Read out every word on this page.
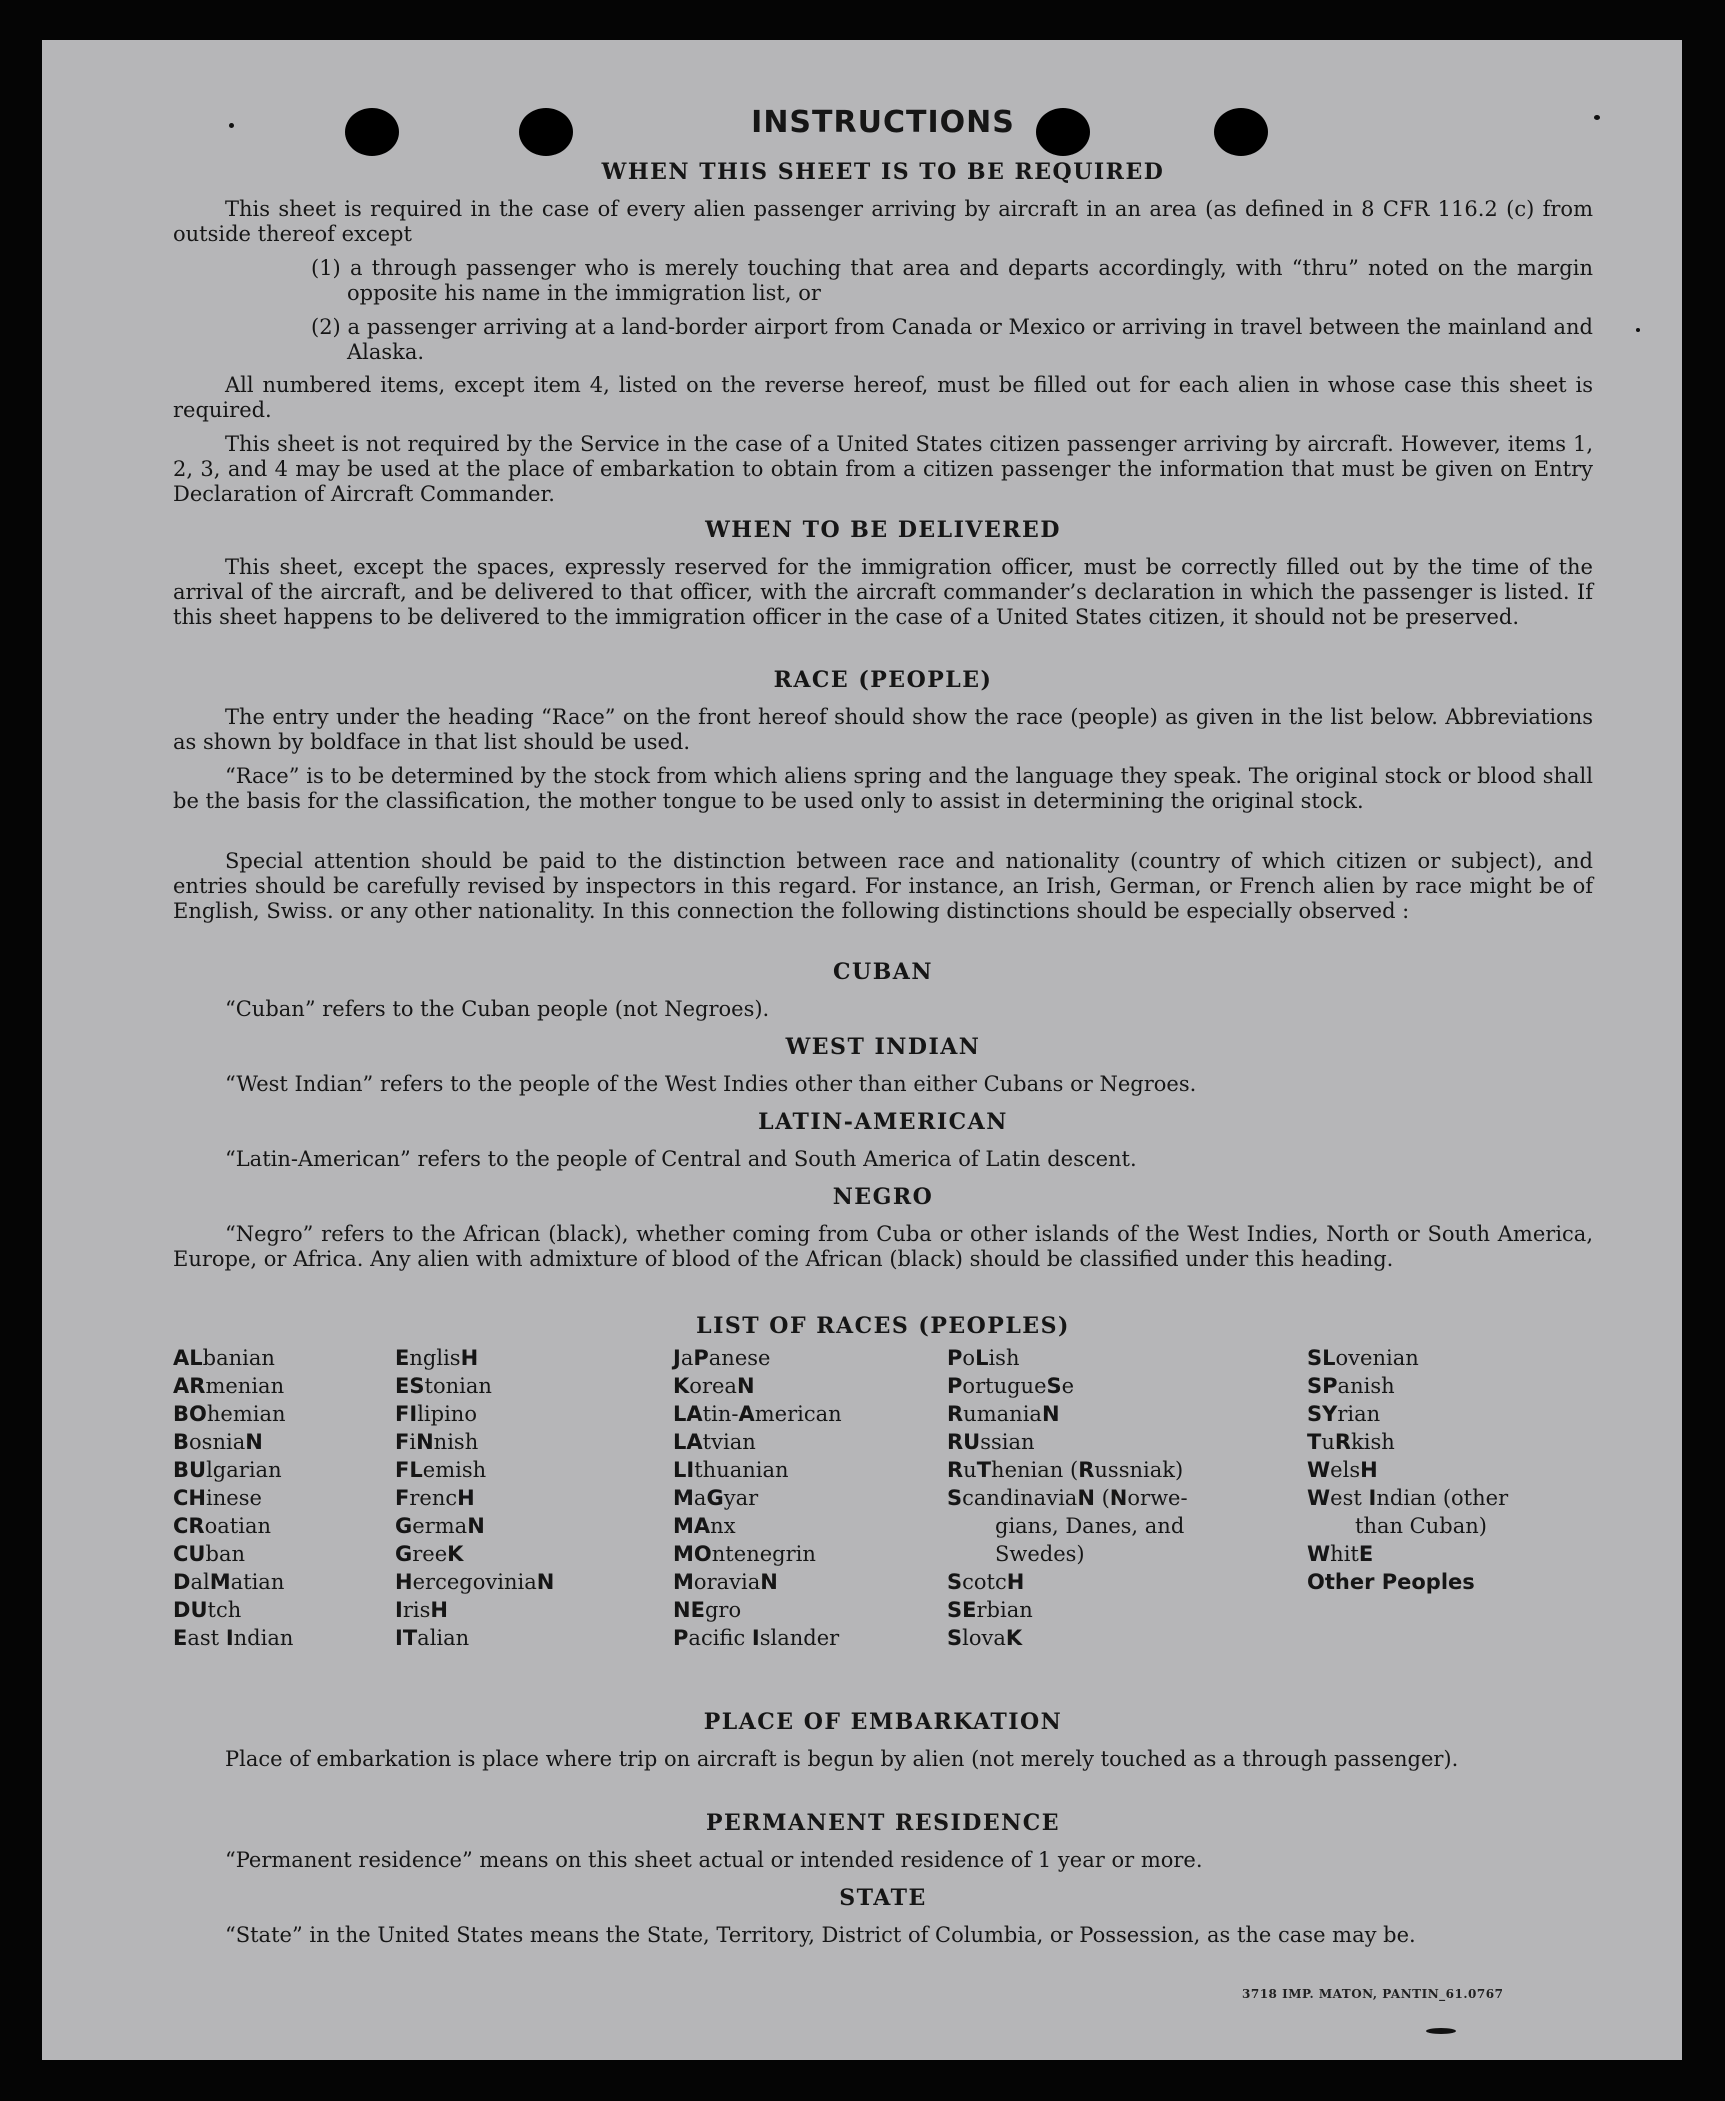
INSTRUCTIONS
WHEN THIS SHEET IS TO BE REQUIRED
This sheet is required in the case of every alien passenger arriving by aircraft in an area (as defined in 8 CFR 116.2 (c) from outside thereof except
(1) a through passenger who is merely touching that area and departs accordingly, with “thru” noted on the margin opposite his name in the immigration list, or
(2) a passenger arriving at a land-border airport from Canada or Mexico or arriving in travel between the mainland and Alaska.
All numbered items, except item 4, listed on the reverse hereof, must be filled out for each alien in whose case this sheet is required.
This sheet is not required by the Service in the case of a United States citizen passenger arriving by aircraft. However, items 1, 2, 3, and 4 may be used at the place of embarkation to obtain from a citizen passenger the information that must be given on Entry Declaration of Aircraft Commander.
WHEN TO BE DELIVERED
This sheet, except the spaces, expressly reserved for the immigration officer, must be correctly filled out by the time of the arrival of the aircraft, and be delivered to that officer, with the aircraft commander’s declaration in which the passenger is listed. If this sheet happens to be delivered to the immigration officer in the case of a United States citizen, it should not be preserved.
RACE (PEOPLE)
The entry under the heading “Race” on the front hereof should show the race (people) as given in the list below. Abbreviations as shown by boldface in that list should be used.
“Race” is to be determined by the stock from which aliens spring and the language they speak. The original stock or blood shall be the basis for the classification, the mother tongue to be used only to assist in determining the original stock.
Special attention should be paid to the distinction between race and nationality (country of which citizen or subject), and entries should be carefully revised by inspectors in this regard. For instance, an Irish, German, or French alien by race might be of English, Swiss. or any other nationality. In this connection the following distinctions should be especially observed :
CUBAN
“Cuban” refers to the Cuban people (not Negroes).
WEST INDIAN
“West Indian” refers to the people of the West Indies other than either Cubans or Negroes.
LATIN-AMERICAN
“Latin-American” refers to the people of Central and South America of Latin descent.
NEGRO
“Negro” refers to the African (black), whether coming from Cuba or other islands of the West Indies, North or South America, Europe, or Africa. Any alien with admixture of blood of the African (black) should be classified under this heading.
LIST OF RACES (PEOPLES)
ALbanian
ARmenian
BOhemian
BosniaN
BUlgarian
CHinese
CRoatian
CUban
DalMatian
DUtch
East Indian
EnglisH
EStonian
FIlipino
FiNnish
FLemish
FrencH
GermaN
GreeK
HercegoviniaN
IrisH
ITalian
JaPanese
KoreaN
LAtin-American
LAtvian
LIthuanian
MaGyar
MAnx
MOntenegrin
MoraviaN
NEgro
Pacifc Islander
PoLish
PortugueSe
RumaniaN
RUssian
RuThenian (Russniak)
ScandinaviaN (Norwe-
gians, Danes, and
Swedes)
ScotcH
SErbian
SlovaK
SLovenian
SPanish
SYrian
TuRkish
WelsH
West Indian (other
than Cuban)
WhitE
Other Peoples
PLACE OF EMBARKATION
Place of embarkation is place where trip on aircraft is begun by alien (not merely touched as a through passenger).
PERMANENT RESIDENCE
“Permanent residence” means on this sheet actual or intended residence of 1 year or more.
STATE
“State” in the United States means the State, Territory, District of Columbia, or Possession, as the case may be.
3718 IMP. MATON, PANTIN_61.0767
